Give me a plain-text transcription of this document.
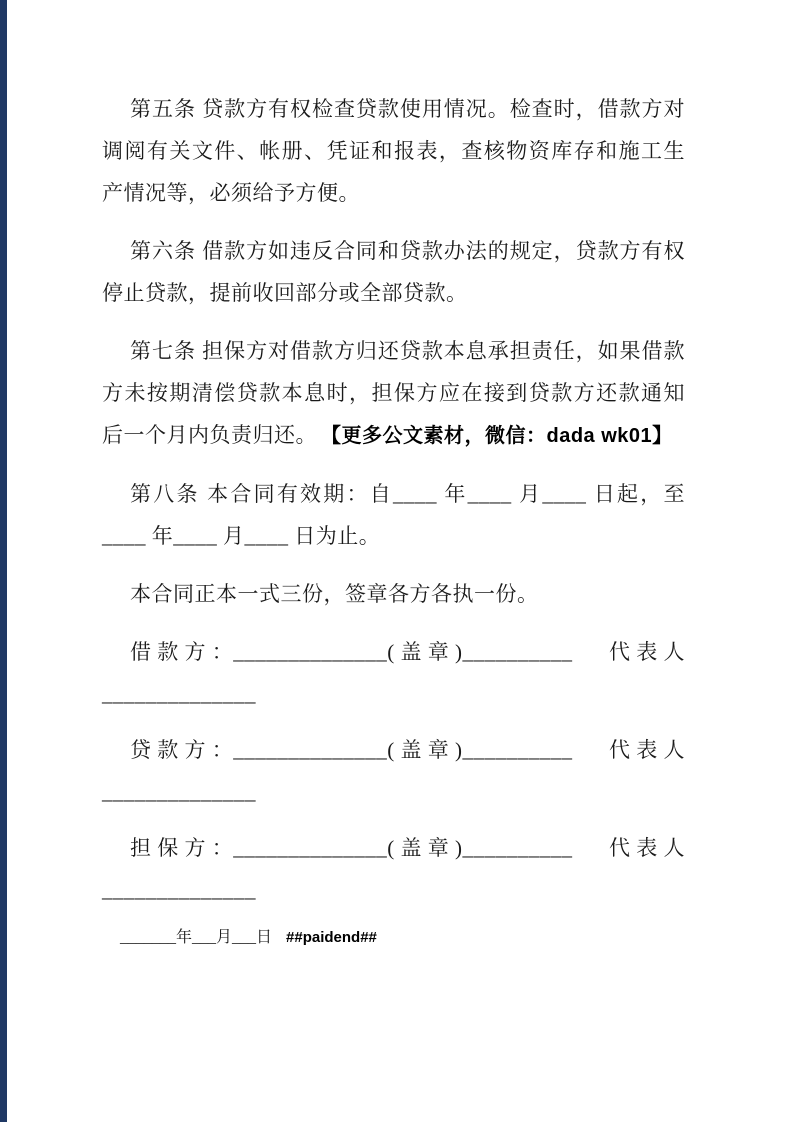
第五条 贷款方有权检查贷款使用情况。检查时，借款方对
调阅有关文件、帐册、凭证和报表，查核物资库存和施工生
产情况等，必须给予方便。
第六条 借款方如违反合同和贷款办法的规定，贷款方有权
停止贷款，提前收回部分或全部贷款。
第七条 担保方对借款方归还贷款本息承担责任，如果借款
方未按期清偿贷款本息时，担保方应在接到贷款方还款通知
后一个月内负责归还。 【更多公文素材，微信：dada wk01】
第八条 本合同有效期：自____ 年____ 月____ 日起，至
____ 年____ 月____ 日为止。
本合同正本一式三份，签章各方各执一份。
借 款 方 ：______________( 盖 章 )__________ 代 表 人
______________
贷 款 方 ：______________( 盖 章 )__________ 代 表 人
______________
担 保 方 ：______________( 盖 章 )__________ 代 表 人
______________
_______年___月___日 ##paidend##
